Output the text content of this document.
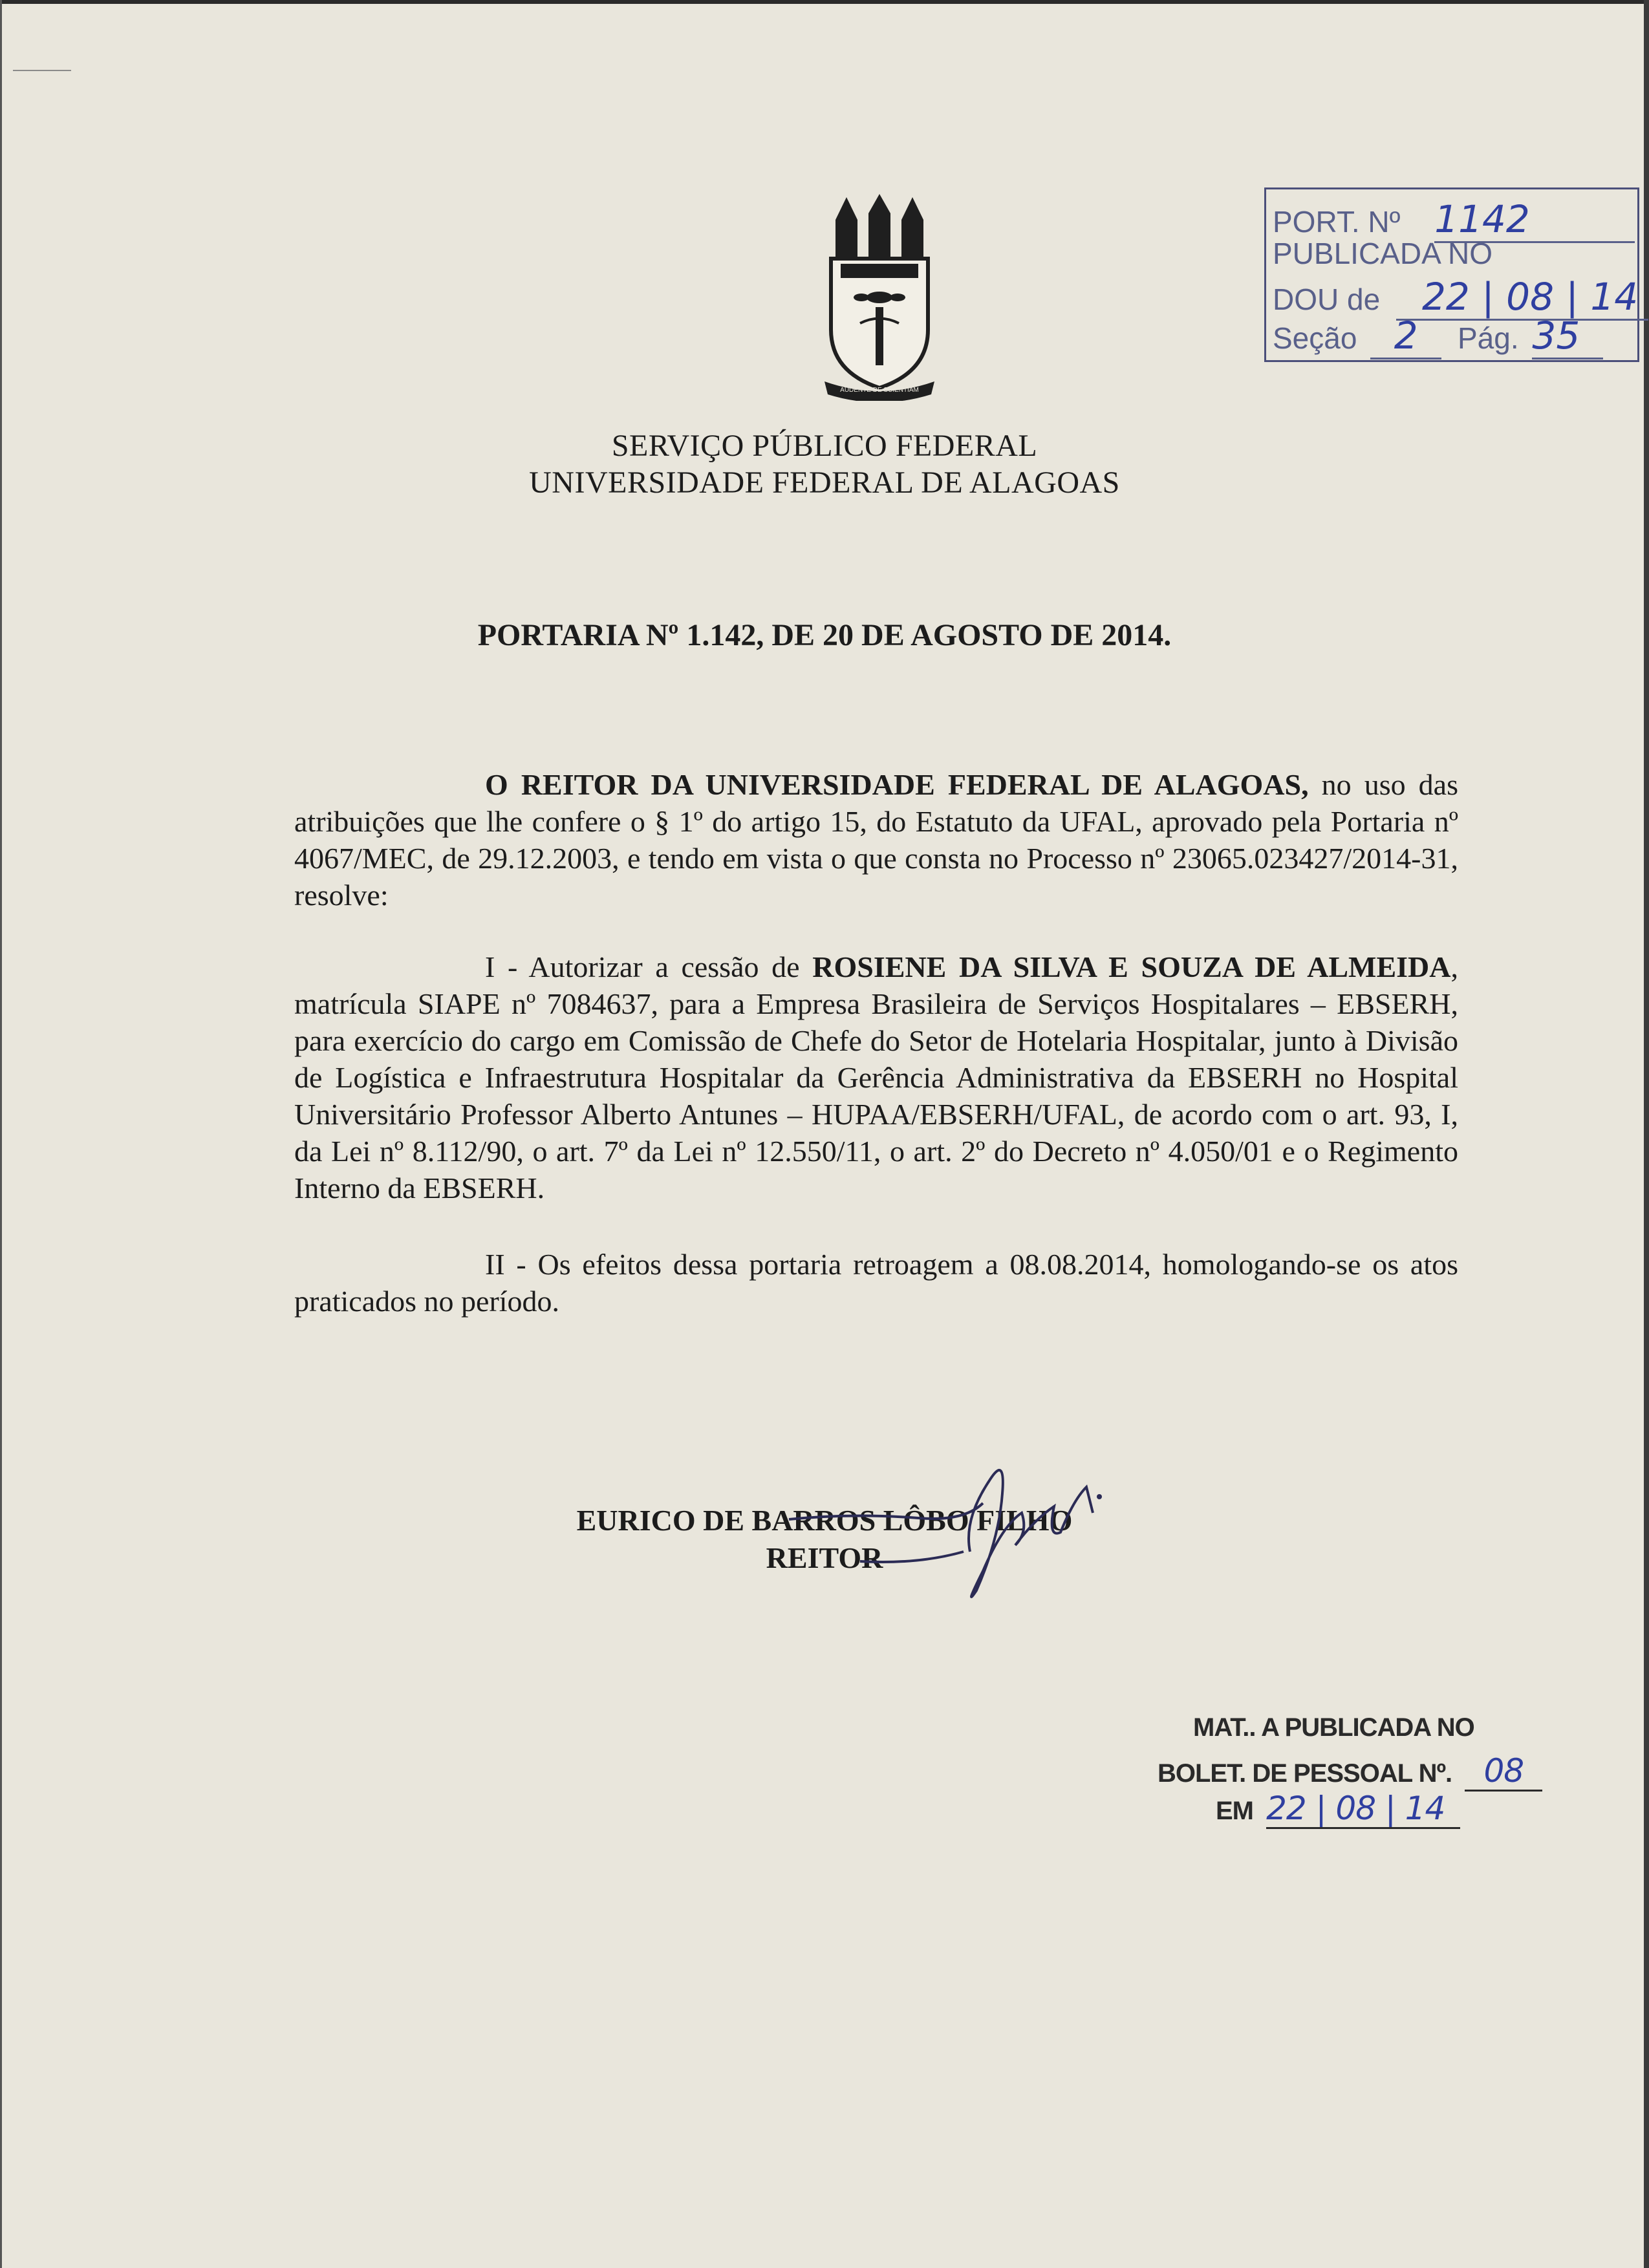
AUDENTE DE SCIENTIAM
PORT. Nº 1142
PUBLICADA NO
DOU de 22 | 08 | 14
Seção 2 Pág. 35
SERVIÇO PÚBLICO FEDERAL
UNIVERSIDADE FEDERAL DE ALAGOAS
PORTARIA Nº 1.142, DE 20 DE AGOSTO DE 2014.
O REITOR DA UNIVERSIDADE FEDERAL DE ALAGOAS, no uso das atribuições que lhe confere o § 1º do artigo 15, do Estatuto da UFAL, aprovado pela Portaria nº 4067/MEC, de 29.12.2003, e tendo em vista o que consta no Processo nº 23065.023427/2014-31, resolve:
I - Autorizar a cessão de ROSIENE DA SILVA E SOUZA DE ALMEIDA, matrícula SIAPE nº 7084637, para a Empresa Brasileira de Serviços Hospitalares – EBSERH, para exercício do cargo em Comissão de Chefe do Setor de Hotelaria Hospitalar, junto à Divisão de Logística e Infraestrutura Hospitalar da Gerência Administrativa da EBSERH no Hospital Universitário Professor Alberto Antunes – HUPAA/EBSERH/UFAL, de acordo com o art. 93, I, da Lei nº 8.112/90, o art. 7º da Lei nº 12.550/11, o art. 2º do Decreto nº 4.050/01 e o Regimento Interno da EBSERH.
II - Os efeitos dessa portaria retroagem a 08.08.2014, homologando-se os atos praticados no período.
EURICO DE BARROS LÔBO FILHO
REITOR
MAT.. A PUBLICADA NO
BOLET. DE PESSOAL Nº. 08
EM 22 | 08 | 14
